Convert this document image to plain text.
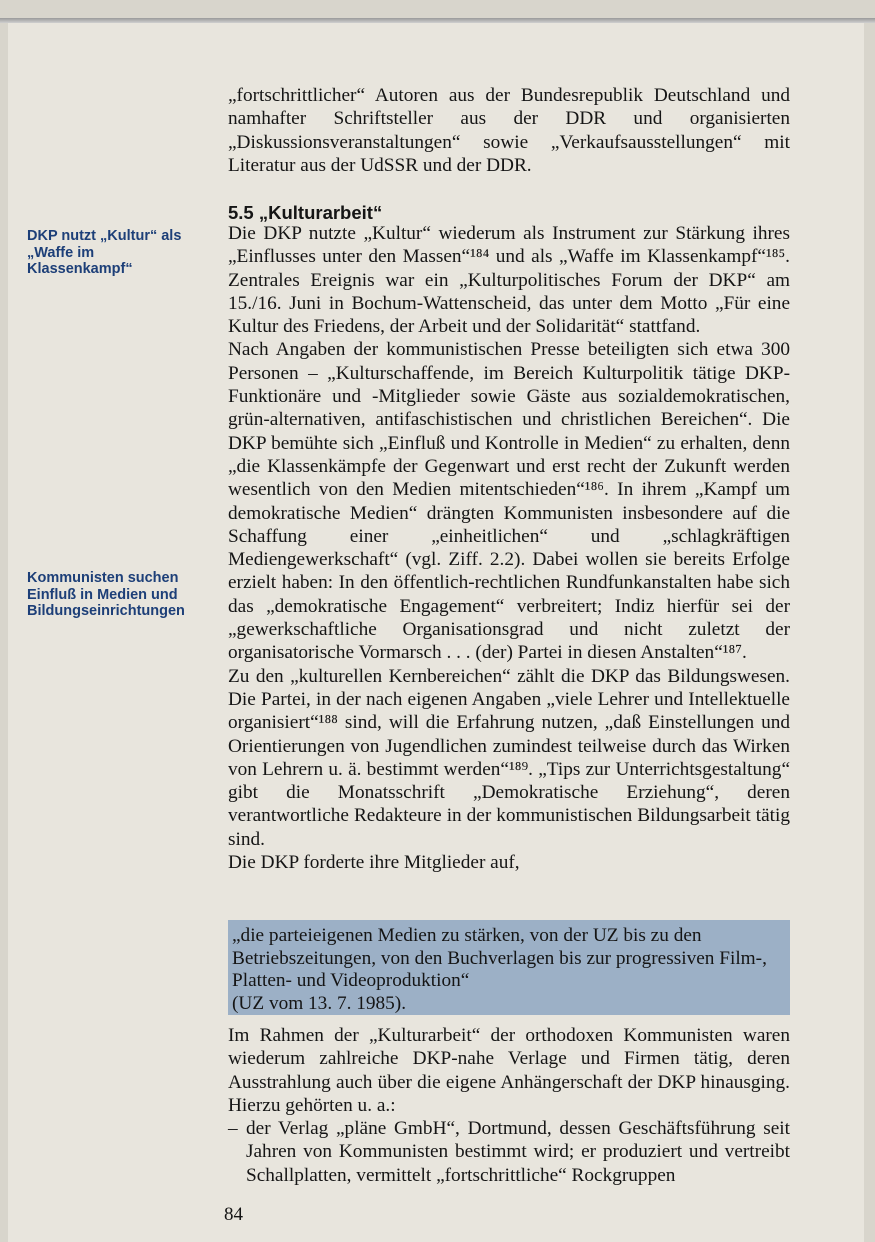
DKP nutzt „Kultur“ als „Waffe im Klassenkampf“
Kommunisten suchen Einfluß in Medien und Bildungseinrichtungen

„fortschrittlicher“ Autoren aus der Bundesrepublik Deutschland und namhafter Schriftsteller aus der DDR und organisierten „Diskussionsveranstaltungen“ sowie „Verkaufsausstellungen“ mit Literatur aus der UdSSR und der DDR.

5.5 „Kulturarbeit“

Die DKP nutzte „Kultur“ wiederum als Instrument zur Stärkung ihres „Einflusses unter den Massen“¹⁸⁴ und als „Waffe im Klassenkampf“¹⁸⁵. Zentrales Ereignis war ein „Kulturpolitisches Forum der DKP“ am 15./16. Juni in Bochum-Wattenscheid, das unter dem Motto „Für eine Kultur des Friedens, der Arbeit und der Solidarität“ stattfand.

Nach Angaben der kommunistischen Presse beteiligten sich etwa 300 Personen – „Kulturschaffende, im Bereich Kulturpolitik tätige DKP-Funktionäre und -Mitglieder sowie Gäste aus sozialdemokratischen, grün-alternativen, antifaschistischen und christlichen Bereichen“. Die DKP bemühte sich „Einfluß und Kontrolle in Medien“ zu erhalten, denn „die Klassenkämpfe der Gegenwart und erst recht der Zukunft werden wesentlich von den Medien mitentschieden“¹⁸⁶. In ihrem „Kampf um demokratische Medien“ drängten Kommunisten insbesondere auf die Schaffung einer „einheitlichen“ und „schlagkräftigen Mediengewerkschaft“ (vgl. Ziff. 2.2). Dabei wollen sie bereits Erfolge erzielt haben: In den öffentlich-rechtlichen Rundfunkanstalten habe sich das „demokratische Engagement“ verbreitert; Indiz hierfür sei der „gewerkschaftliche Organisationsgrad und nicht zuletzt der organisatorische Vormarsch . . . (der) Partei in diesen Anstalten“¹⁸⁷.

Zu den „kulturellen Kernbereichen“ zählt die DKP das Bildungswesen. Die Partei, in der nach eigenen Angaben „viele Lehrer und Intellektuelle organisiert“¹⁸⁸ sind, will die Erfahrung nutzen, „daß Einstellungen und Orientierungen von Jugendlichen zumindest teilweise durch das Wirken von Lehrern u. ä. bestimmt werden“¹⁸⁹. „Tips zur Unterrichtsgestaltung“ gibt die Monatsschrift „Demokratische Erziehung“, deren verantwortliche Redakteure in der kommunistischen Bildungsarbeit tätig sind.

Die DKP forderte ihre Mitglieder auf,

„die parteieigenen Medien zu stärken, von der UZ bis zu den Betriebszeitungen, von den Buchverlagen bis zur progressiven Film-, Platten- und Videoproduktion“
(UZ vom 13. 7. 1985).

Im Rahmen der „Kulturarbeit“ der orthodoxen Kommunisten waren wiederum zahlreiche DKP-nahe Verlage und Firmen tätig, deren Ausstrahlung auch über die eigene Anhängerschaft der DKP hinausging. Hierzu gehörten u. a.:

– der Verlag „pläne GmbH“, Dortmund, dessen Geschäftsführung seit Jahren von Kommunisten bestimmt wird; er produziert und vertreibt Schallplatten, vermittelt „fortschrittliche“ Rockgruppen
84
